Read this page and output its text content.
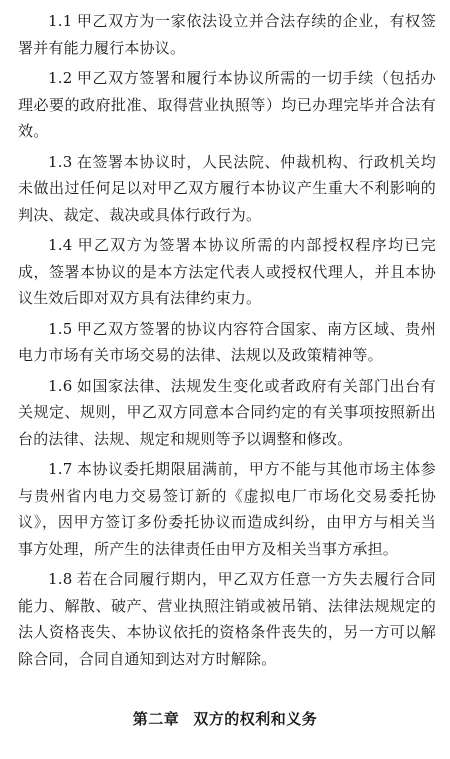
1.1 甲乙双方为一家依法设立并合法存续的企业，有权签署并有能力履行本协议。

1.2 甲乙双方签署和履行本协议所需的一切手续（包括办理必要的政府批准、取得营业执照等）均已办理完毕并合法有效。

1.3 在签署本协议时，人民法院、仲裁机构、行政机关均未做出过任何足以对甲乙双方履行本协议产生重大不利影响的判决、裁定、裁决或具体行政行为。

1.4 甲乙双方为签署本协议所需的内部授权程序均已完成，签署本协议的是本方法定代表人或授权代理人，并且本协议生效后即对双方具有法律约束力。

1.5 甲乙双方签署的协议内容符合国家、南方区域、贵州电力市场有关市场交易的法律、法规以及政策精神等。

1.6 如国家法律、法规发生变化或者政府有关部门出台有关规定、规则，甲乙双方同意本合同约定的有关事项按照新出台的法律、法规、规定和规则等予以调整和修改。

1.7 本协议委托期限届满前，甲方不能与其他市场主体参与贵州省内电力交易签订新的《虚拟电厂市场化交易委托协议》，因甲方签订多份委托协议而造成纠纷，由甲方与相关当事方处理，所产生的法律责任由甲方及相关当事方承担。

1.8 若在合同履行期内，甲乙双方任意一方失去履行合同能力、解散、破产、营业执照注销或被吊销、法律法规规定的法人资格丧失、本协议依托的资格条件丧失的，另一方可以解除合同，合同自通知到达对方时解除。

第二章 双方的权利和义务
